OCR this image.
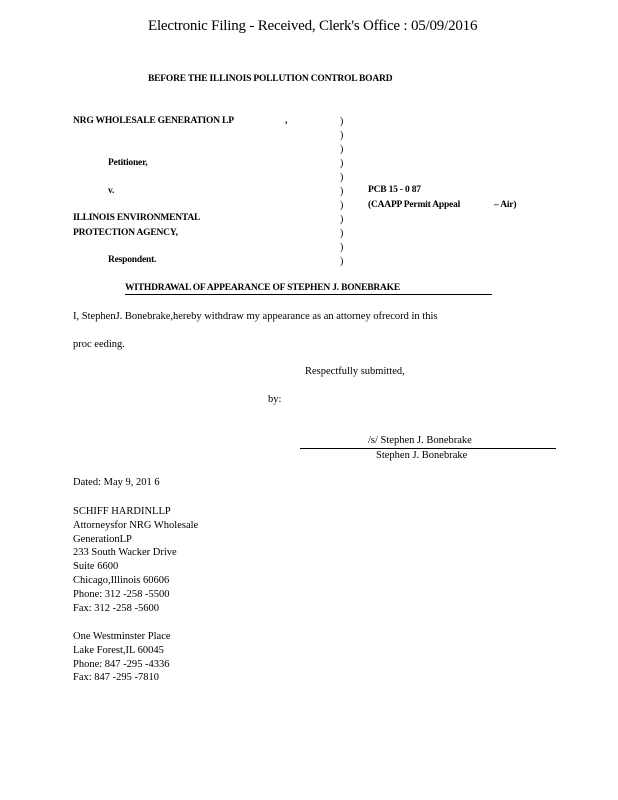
Electronic Filing - Received, Clerk's Office : 05/09/2016
BEFORE THE ILLINOIS POLLUTION CONTROL BOARD
NRG WHOLESALE GENERATION LP	,
Petitioner,
v.
ILLINOIS ENVIRONMENTAL
PROTECTION AGENCY,
Respondent.
)
)
)
)
)
)
)
)
)
)
)
PCB 15 - 0 87
(CAAPP Permit Appeal	– Air)
WITHDRAWAL OF APPEARANCE OF STEPHEN J. BONEBRAKE
I, StephenJ. Bonebrake,hereby withdraw my appearance as an attorney ofrecord in this
proc eeding.
Respectfully submitted,
by:
/s/ Stephen J. Bonebrake
Stephen J. Bonebrake
Dated: May 9, 201 6
SCHIFF HARDINLLP
Attorneysfor NRG Wholesale
GenerationLP
233 South Wacker Drive
Suite 6600
Chicago,Illinois 60606
Phone: 312 -258 -5500
Fax: 312 -258 -5600
One Westminster Place
Lake Forest,IL 60045
Phone: 847 -295 -4336
Fax: 847 -295 -7810
